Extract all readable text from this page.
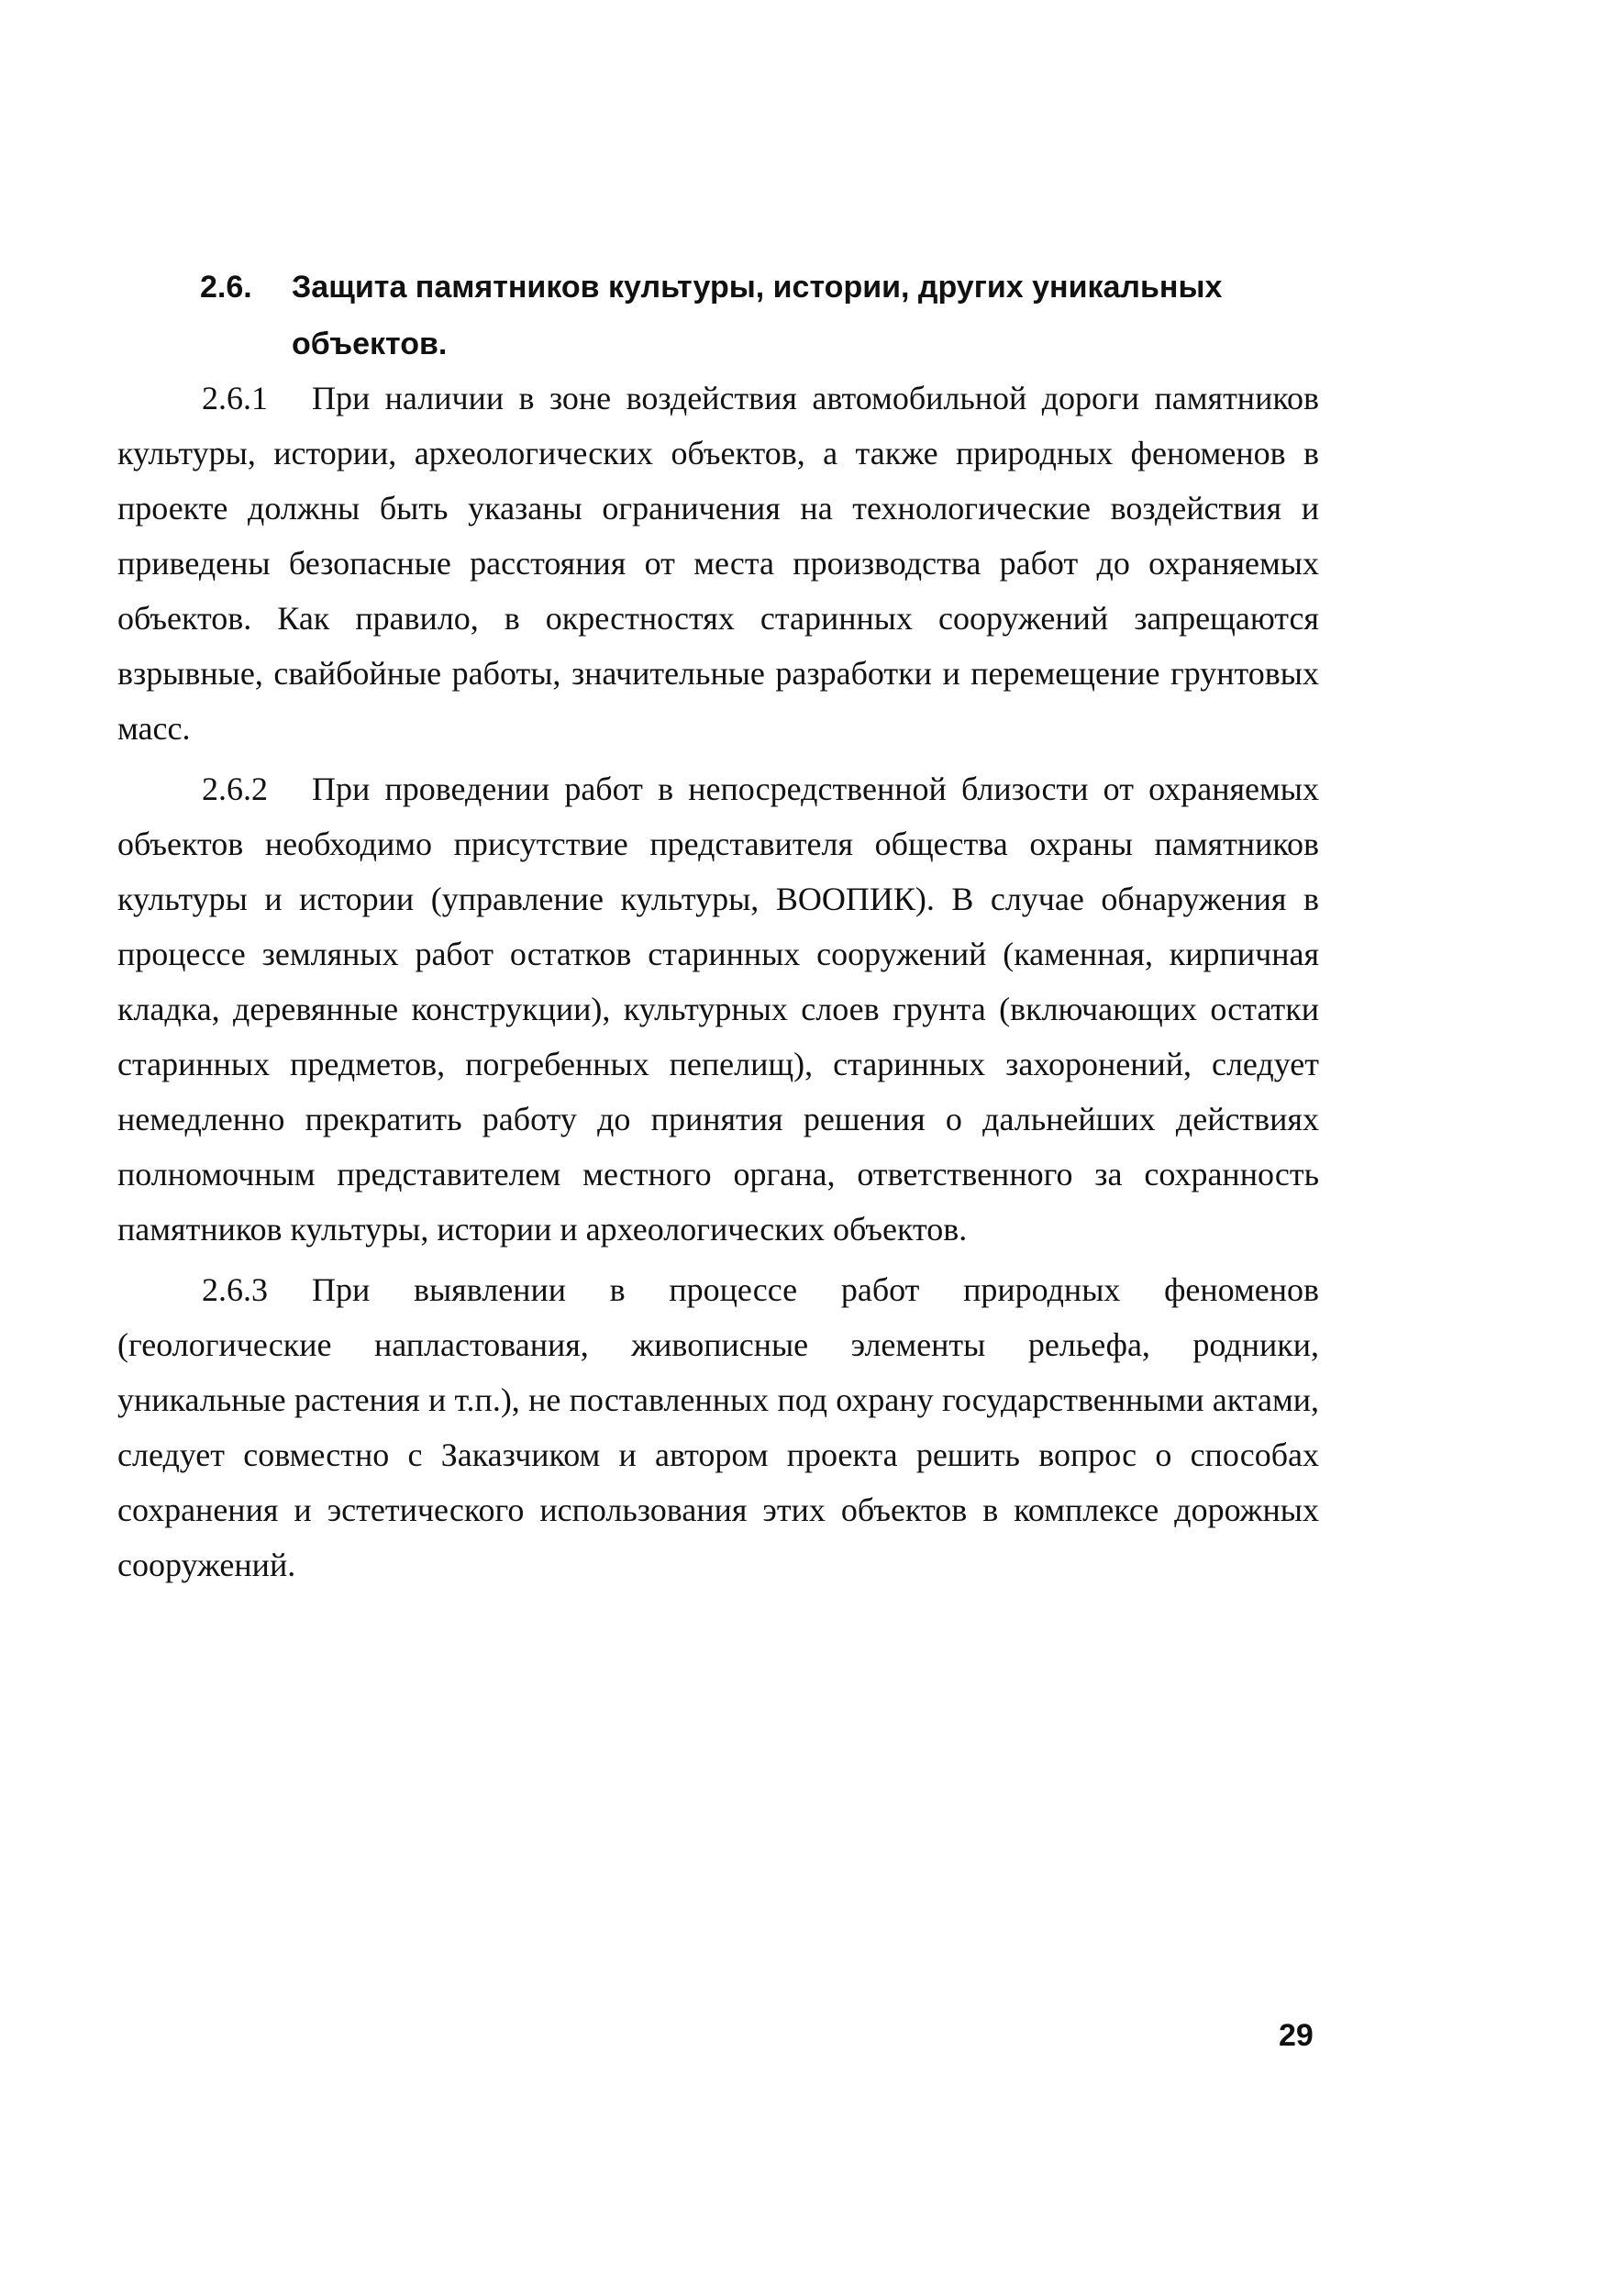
2.6. Защита памятников культуры, истории, других уникальных
объектов.

2.6.1 При наличии в зоне воздействия автомобильной дороги памятников культуры, истории, археологических объектов, а также природных феноменов в проекте должны быть указаны ограничения на технологические воздействия и приведены безопасные расстояния от места производства работ до охраняемых объектов. Как правило, в окрестностях старинных сооружений запрещаются взрывные, свайбойные работы, значительные разработки и перемещение грунтовых масс.

2.6.2 При проведении работ в непосредственной близости от охраняемых объектов необходимо присутствие представителя общества охраны памятников культуры и истории (управление культуры, ВООПИК). В случае обнаружения в процессе земляных работ остатков старинных сооружений (каменная, кирпичная кладка, деревянные конструкции), культурных слоев грунта (включающих остатки старинных предметов, погребенных пепелищ), старинных захоронений, следует немедленно прекратить работу до принятия решения о дальнейших действиях полномочным представителем местного органа, ответственного за сохранность памятников культуры, истории и археологических объектов.

2.6.3 При выявлении в процессе работ природных феноменов (геологические напластования, живописные элементы рельефа, родники, уникальные растения и т.п.), не поставленных под охрану государственными актами, следует совместно с Заказчиком и автором проекта решить вопрос о способах сохранения и эстетического использования этих объектов в комплексе дорожных сооружений.

29
